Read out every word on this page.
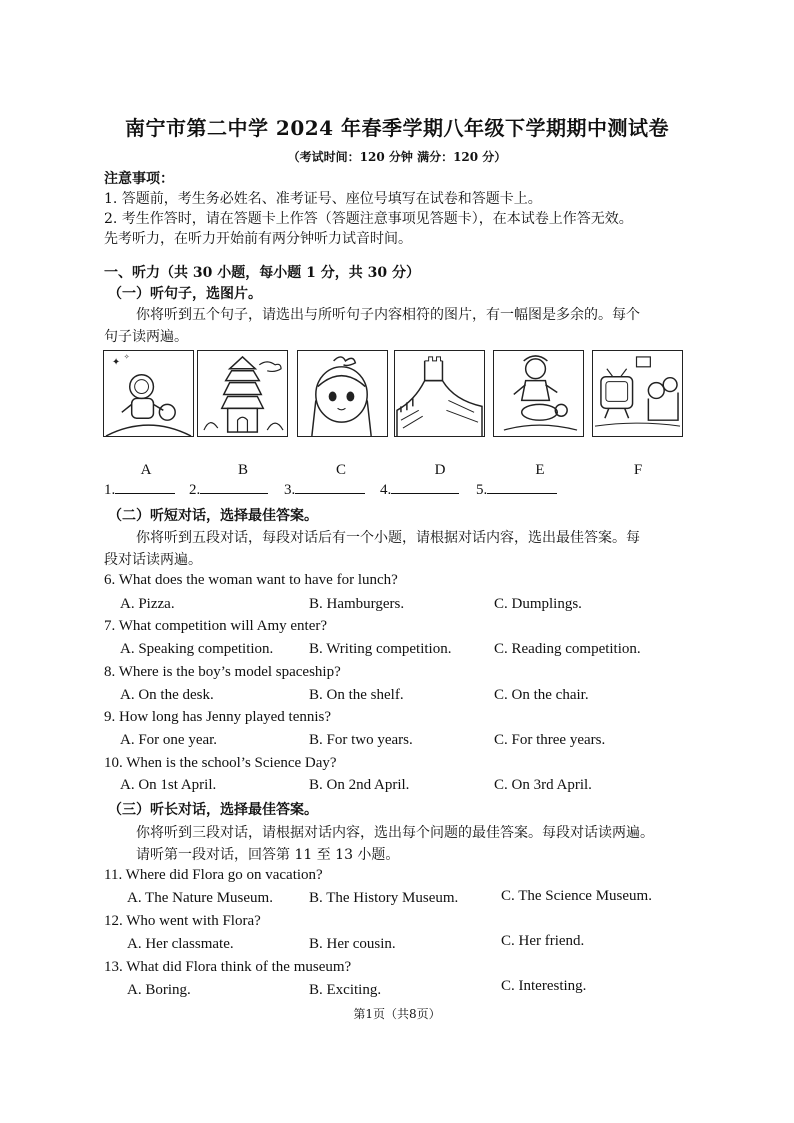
南宁市第二中学 2024 年春季学期八年级下学期期中测试卷
（考试时间：120 分钟 满分：120 分）
注意事项：
1. 答题前，考生务必姓名、准考证号、座位号填写在试卷和答题卡上。
2. 考生作答时，请在答题卡上作答（答题注意事项见答题卡），在本试卷上作答无效。
先考听力，在听力开始前有两分钟听力试音时间。
一、听力（共 30 小题，每小题 1 分，共 30 分）
（一）听句子，选图片。
你将听到五个句子，请选出与所听句子内容相符的图片，有一幅图是多余的。每个
句子读两遍。
✦ ✧
A	B	C	D	E	F
1.	2.	3.	4.	5.
（二）听短对话，选择最佳答案。
你将听到五段对话，每段对话后有一个小题，请根据对话内容，选出最佳答案。每
段对话读两遍。
6. What does the woman want to have for lunch?
A. Pizza.	B. Hamburgers.	C. Dumplings.
7. What competition will Amy enter?
A. Speaking competition. B. Writing competition.	C. Reading competition.
8. Where is the boy’s model spaceship?
A. On the desk.	B. On the shelf.	C. On the chair.
9. How long has Jenny played tennis?
A. For one year.	B. For two years.	C. For three years.
10. When is the school’s Science Day?
A. On 1st April.	B. On 2nd April.	C. On 3rd April.
（三）听长对话，选择最佳答案。
你将听到三段对话，请根据对话内容，选出每个问题的最佳答案。每段对话读两遍。
请听第一段对话，回答第 11 至 13 小题。
11. Where did Flora go on vacation?
A. The Nature Museum. B. The History Museum.	C. The Science Museum.
12. Who went with Flora?
A. Her classmate.	B. Her cousin.	C. Her friend.
13. What did Flora think of the museum?
A. Boring.	B. Exciting.	C. Interesting.
第1页（共8页）
